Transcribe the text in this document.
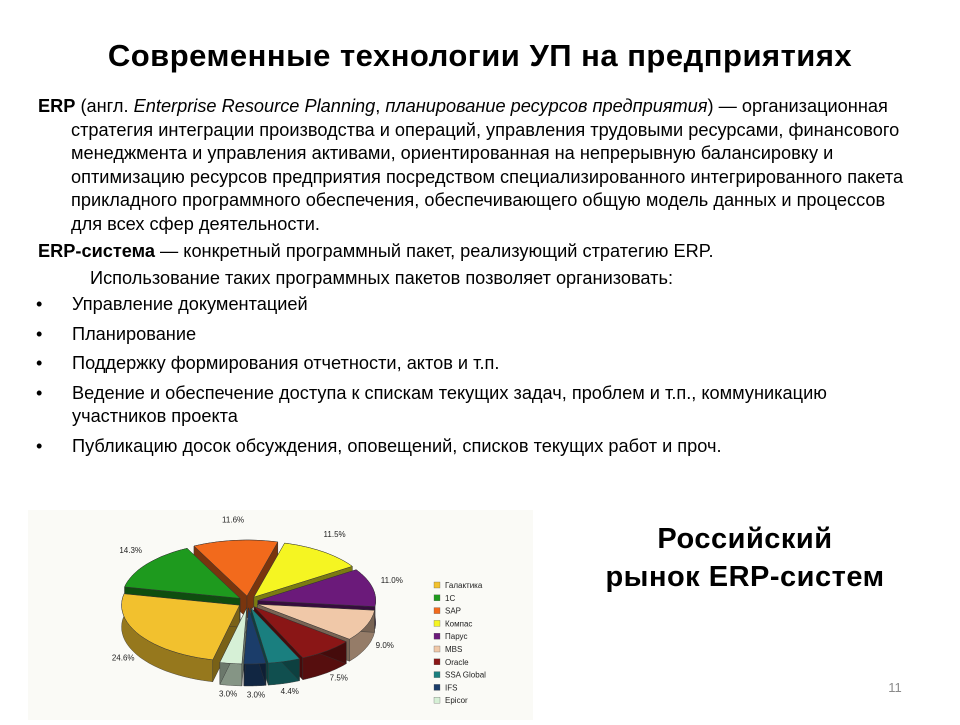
Современные технологии УП на предприятиях

ERP (англ. Enterprise Resource Planning, планирование ресурсов предприятия) — организационная стратегия интеграции производства и операций, управления трудовыми ресурсами, финансового менеджмента и управления активами, ориентированная на непрерывную балансировку и оптимизацию ресурсов предприятия посредством специализированного интегрированного пакета прикладного программного обеспечения, обеспечивающего общую модель данных и процессов для всех сфер деятельности.

ERP-система — конкретный программный пакет, реализующий стратегию ERP.

Использование таких программных пакетов позволяет организовать:

• Управление документацией
• Планирование
• Поддержку формирования отчетности, актов и т.п.
• Ведение и обеспечение доступа к спискам текущих задач, проблем и т.п., коммуникацию участников проекта
• Публикацию досок обсуждения, оповещений, списков текущих работ и проч.
24.6%
14.3%
11.6%
11.5%
11.0%
9.0%
7.5%
4.4%
3.0%
3.0%
Галактика
1С
SAP
Компас
Парус
MBS
Oracle
SSA Global
IFS
Epicor
Российский
рынок ERP-систем
11
